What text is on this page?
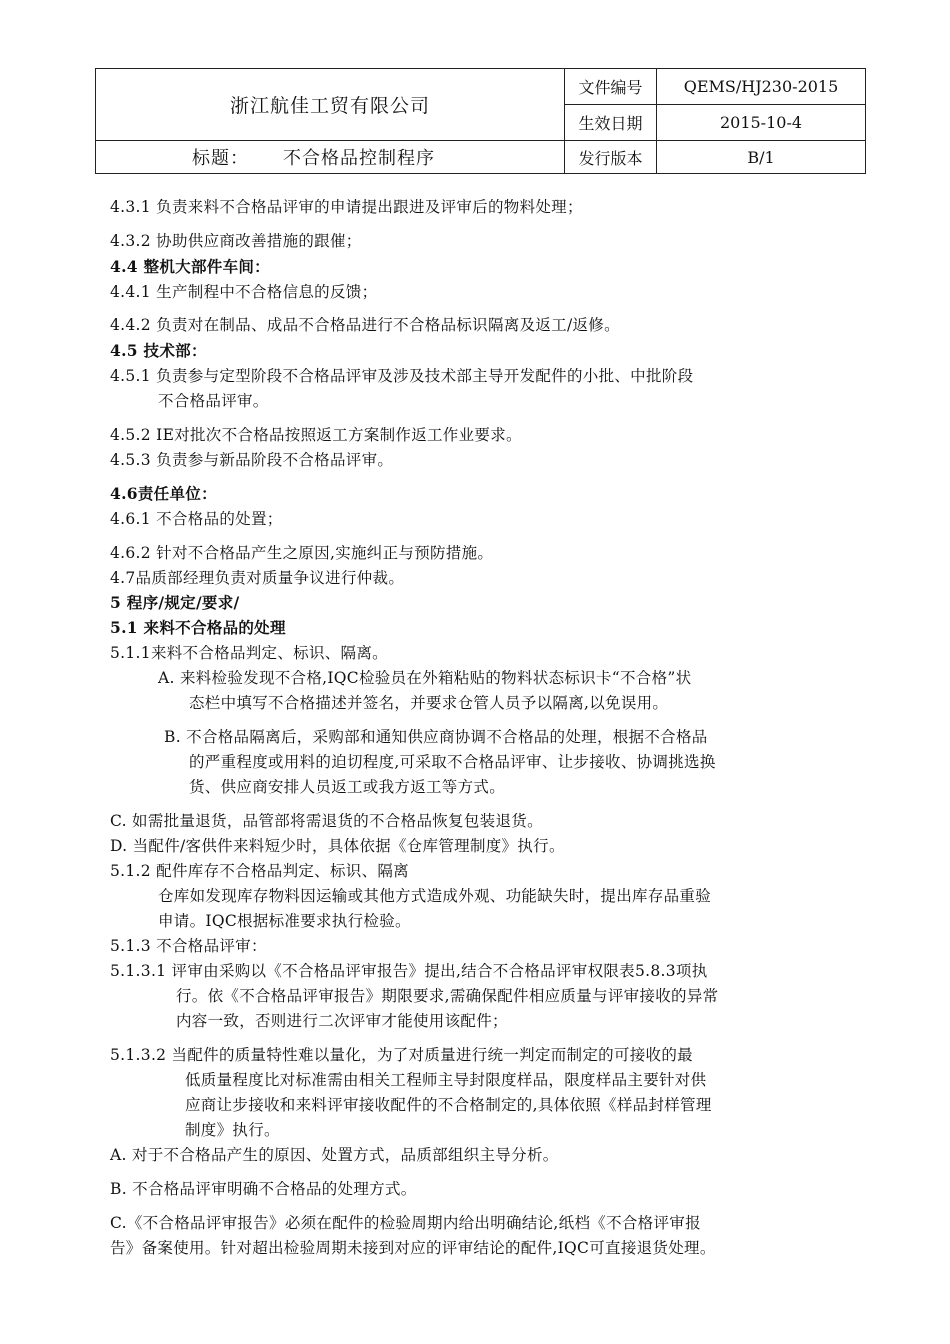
浙江航佳工贸有限公司
标题： 不合格品控制程序
文件编号	QEMS/HJ230-2015
生效日期	2015-10-4
发行版本	B/1
4.3.1 负责来料不合格品评审的申请提出跟进及评审后的物料处理；
4.3.2 协助供应商改善措施的跟催；
4.4 整机大部件车间：
4.4.1 生产制程中不合格信息的反馈；
4.4.2 负责对在制品、成品不合格品进行不合格品标识隔离及返工/返修。
4.5 技术部：
4.5.1 负责参与定型阶段不合格品评审及涉及技术部主导开发配件的小批、中批阶段
不合格品评审。
4.5.2 IE对批次不合格品按照返工方案制作返工作业要求。
4.5.3 负责参与新品阶段不合格品评审。
4.6责任单位：
4.6.1 不合格品的处置；
4.6.2 针对不合格品产生之原因,实施纠正与预防措施。
4.7品质部经理负责对质量争议进行仲裁。
5 程序/规定/要求/
5.1 来料不合格品的处理
5.1.1来料不合格品判定、标识、隔离。
A. 来料检验发现不合格,IQC检验员在外箱粘贴的物料状态标识卡“不合格”状
态栏中填写不合格描述并签名，并要求仓管人员予以隔离,以免误用。
B. 不合格品隔离后，采购部和通知供应商协调不合格品的处理，根据不合格品
的严重程度或用料的迫切程度,可采取不合格品评审、让步接收、协调挑选换
货、供应商安排人员返工或我方返工等方式。
C. 如需批量退货，品管部将需退货的不合格品恢复包装退货。
D. 当配件/客供件来料短少时，具体依据《仓库管理制度》执行。
5.1.2 配件库存不合格品判定、标识、隔离
仓库如发现库存物料因运输或其他方式造成外观、功能缺失时，提出库存品重验
申请。IQC根据标准要求执行检验。
5.1.3 不合格品评审：
5.1.3.1 评审由采购以《不合格品评审报告》提出,结合不合格品评审权限表5.8.3项执
行。依《不合格品评审报告》期限要求,需确保配件相应质量与评审接收的异常
内容一致，否则进行二次评审才能使用该配件；
5.1.3.2 当配件的质量特性难以量化，为了对质量进行统一判定而制定的可接收的最
低质量程度比对标准需由相关工程师主导封限度样品，限度样品主要针对供
应商让步接收和来料评审接收配件的不合格制定的,具体依照《样品封样管理
制度》执行。
A. 对于不合格品产生的原因、处置方式，品质部组织主导分析。
B. 不合格品评审明确不合格品的处理方式。
C.《不合格品评审报告》必须在配件的检验周期内给出明确结论,纸档《不合格评审报
告》备案使用。针对超出检验周期未接到对应的评审结论的配件,IQC可直接退货处理。
